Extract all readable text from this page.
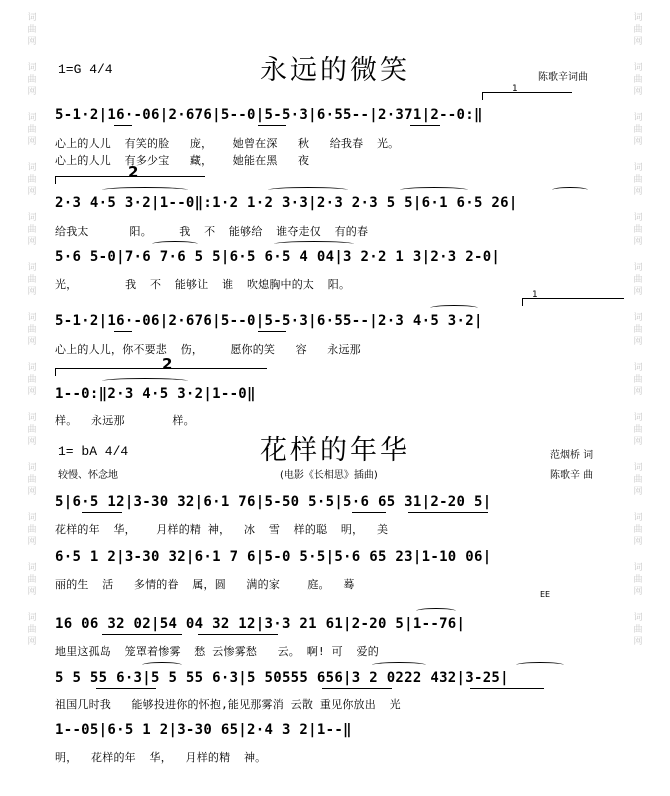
词
曲
网
词
曲
网
词
曲
网
词
曲
网
词
曲
网
词
曲
网
词
曲
网
词
曲
网
词
曲
网
词
曲
网
词
曲
网
词
曲
网
词
曲
网
词
曲
网
词
曲
网
词
曲
网
词
曲
网
词
曲
网
词
曲
网
词
曲
网
词
曲
网
词
曲
网
词
曲
网
词
曲
网
词
曲
网
词
曲
网
1=G 4/4	永远的微笑	陈歌辛词曲
1
5-1·2|16·-06|2·676|5--0|5-5·3|6·55--|2·371|2--0:‖
心上的人儿  有笑的脸   庞，   她曾在深   秋   给我春  光。
心上的人儿  有多少宝   藏，   她能在黑   夜
2
2·3 4·5 3·2|1--0‖:1·2 1·2 3·3|2·3 2·3 5 5|6·1 6·5 26|
给我太      阳。    我  不  能够给  谁夺走仅  有的春
5·6 5-0|7·6 7·6 5 5|6·5 6·5 4 04|3 2·2 1 3|2·3 2-0|
光，       我  不  能够让  谁  吹熄胸中的太  阳。
1
5-1·2|16·-06|2·676|5--0|5-5·3|6·55--|2·3 4·5 3·2|
心上的人儿，你不要悲  伤，    愿你的笑   容   永远那
2
1--0:‖2·3 4·5 3·2|1--0‖
样。  永远那       样。
1= bA 4/4	花样的年华	范烟桥 词
较慢、怀念地	(电影《长相思》插曲)	陈歌辛 曲
5|6·5 12|3-30 32|6·1 76|5-50 5·5|5·6 65 31|2-20 5|
花样的年  华，   月样的精 神，  冰  雪  样的聪  明，  美
6·5 1 2|3-30 32|6·1 7 6|5-0 5·5|5·6 65 23|1-10 06|
丽的生  活   多情的眷  属，圆   满的家    庭。  蓦
EE
16 06 32 02|54 04 32 12|3·3 21 61|2-20 5|1--76|
地里这孤岛  笼罩着惨雾  愁 云惨雾愁   云。 啊! 可  爱的
5 5 55 6·3|5 5 55 6·3|5 50555 656|3 2 0222 432|3-25|
祖国几时我   能够投进你的怀抱,能见那雾消 云散 重见你放出  光
1--05|6·5 1 2|3-30 65|2·4 3 2|1--‖
明，  花样的年  华，  月样的精  神。
